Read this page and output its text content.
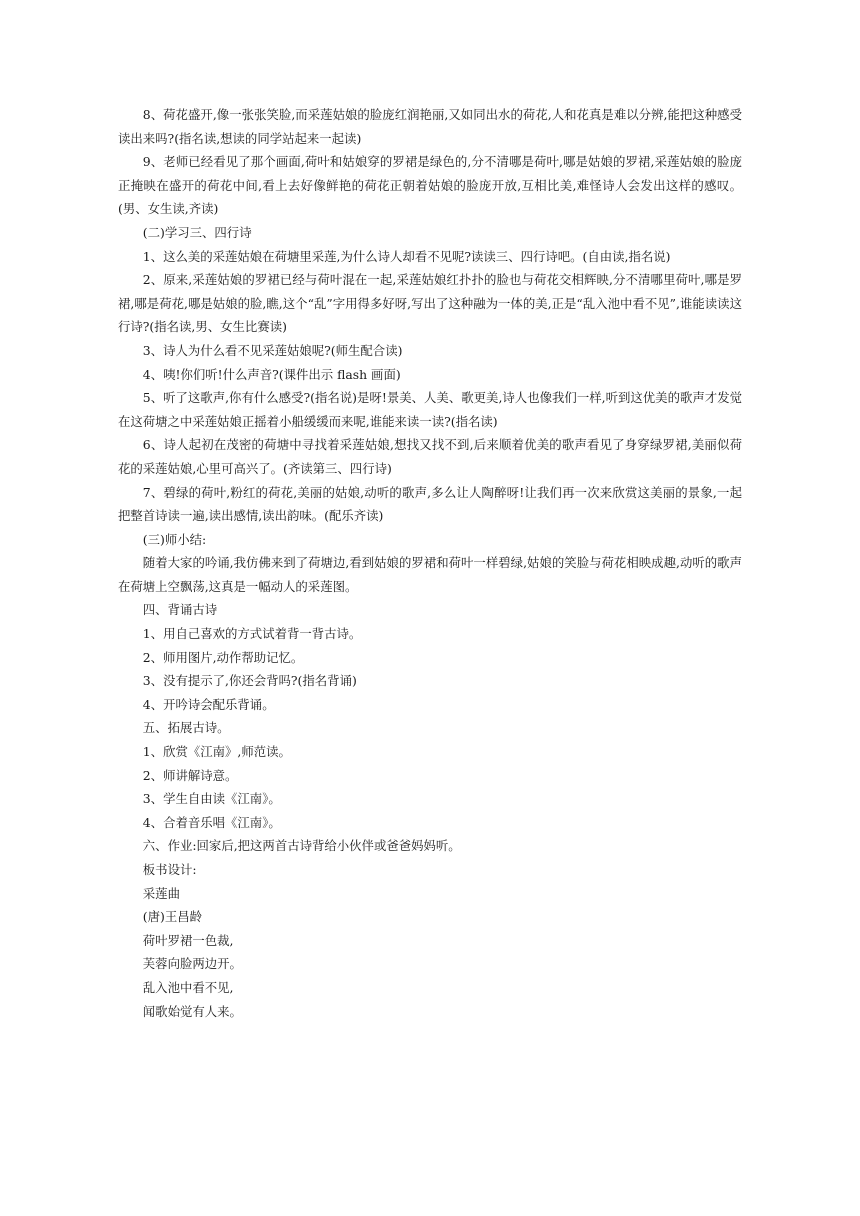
8、荷花盛开,像一张张笑脸,而采莲姑娘的脸庞红润艳丽,又如同出水的荷花,人和花真是难以分辨,能把这种感受读出来吗?(指名读,想读的同学站起来一起读)

9、老师已经看见了那个画面,荷叶和姑娘穿的罗裙是绿色的,分不清哪是荷叶,哪是姑娘的罗裙,采莲姑娘的脸庞正掩映在盛开的荷花中间,看上去好像鲜艳的荷花正朝着姑娘的脸庞开放,互相比美,难怪诗人会发出这样的感叹。(男、女生读,齐读)

(二)学习三、四行诗

1、这么美的采莲姑娘在荷塘里采莲,为什么诗人却看不见呢?读读三、四行诗吧。(自由读,指名说)

2、原来,采莲姑娘的罗裙已经与荷叶混在一起,采莲姑娘红扑扑的脸也与荷花交相辉映,分不清哪里荷叶,哪是罗裙,哪是荷花,哪是姑娘的脸,瞧,这个“乱”字用得多好呀,写出了这种融为一体的美,正是“乱入池中看不见”,谁能读读这行诗?(指名读,男、女生比赛读)

3、诗人为什么看不见采莲姑娘呢?(师生配合读)

4、咦!你们听!什么声音?(课件出示 flash 画面)

5、听了这歌声,你有什么感受?(指名说)是呀!景美、人美、歌更美,诗人也像我们一样,听到这优美的歌声才发觉在这荷塘之中采莲姑娘正摇着小船缓缓而来呢,谁能来读一读?(指名读)

6、诗人起初在茂密的荷塘中寻找着采莲姑娘,想找又找不到,后来顺着优美的歌声看见了身穿绿罗裙,美丽似荷花的采莲姑娘,心里可高兴了。(齐读第三、四行诗)

7、碧绿的荷叶,粉红的荷花,美丽的姑娘,动听的歌声,多么让人陶醉呀!让我们再一次来欣赏这美丽的景象,一起把整首诗读一遍,读出感情,读出韵味。(配乐齐读)

(三)师小结:

随着大家的吟诵,我仿佛来到了荷塘边,看到姑娘的罗裙和荷叶一样碧绿,姑娘的笑脸与荷花相映成趣,动听的歌声在荷塘上空飘荡,这真是一幅动人的采莲图。

四、背诵古诗

1、用自己喜欢的方式试着背一背古诗。

2、师用图片,动作帮助记忆。

3、没有提示了,你还会背吗?(指名背诵)

4、开吟诗会配乐背诵。

五、拓展古诗。

1、欣赏《江南》,师范读。

2、师讲解诗意。

3、学生自由读《江南》。

4、合着音乐唱《江南》。

六、作业:回家后,把这两首古诗背给小伙伴或爸爸妈妈听。

板书设计:

采莲曲

(唐)王昌龄

荷叶罗裙一色裁,

芙蓉向脸两边开。

乱入池中看不见,

闻歌始觉有人来。
